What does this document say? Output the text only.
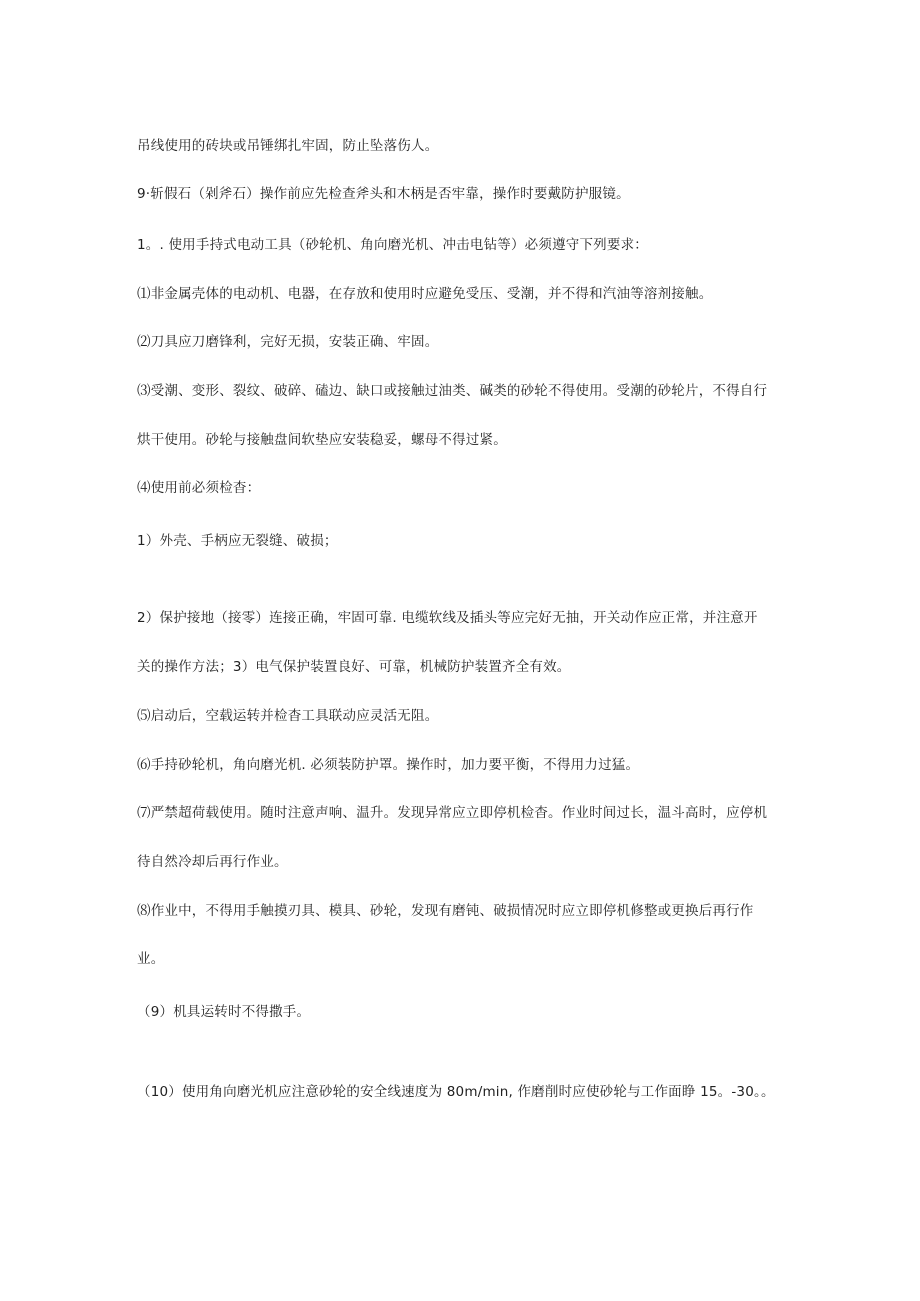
吊线使用的砖块或吊锤绑扎牢固，防止坠落伤人。
9·斩假石（剁斧石）操作前应先检查斧头和木柄是否牢靠，操作时要戴防护服镜。
1。. 使用手持式电动工具（砂轮机、角向磨光机、冲击电钻等）必须遵守下列要求：
⑴非金属壳体的电动机、电器，在存放和使用时应避免受压、受潮，并不得和汽油等溶剂接触。
⑵刀具应刀磨锋利，完好无损，安装正确、牢固。
⑶受潮、变形、裂纹、破碎、磕边、缺口或接触过油类、碱类的砂轮不得使用。受潮的砂轮片，不得自行
烘干使用。砂轮与接触盘间软垫应安装稳妥，螺母不得过紧。
⑷使用前必须检杳：
1）外壳、手柄应无裂缝、破损；
2）保护接地（接零）连接正确，牢固可靠. 电缆软线及插头等应完好无抽，开关动作应正常，并注意开
关的操作方法；3）电气保护装置良好、可靠，机械防护装置齐全有效。
⑸启动后，空载运转并检杳工具联动应灵活无阻。
⑹手持砂轮机，角向磨光机. 必须装防护罩。操作时，加力要平衡，不得用力过猛。
⑺严禁超荷载使用。随时注意声响、温升。发现异常应立即停机检杳。作业时间过长，温斗高时，应停机
待自然冷却后再行作业。
⑻作业中，不得用手触摸刃具、模具、砂轮，发现有磨钝、破损情况时应立即停机修整或更换后再行作
业。
（9）机具运转时不得撒手。
（10）使用角向磨光机应注意砂轮的安全线速度为 80m/min, 作磨削时应使砂轮与工作面睁 15。-30。。
